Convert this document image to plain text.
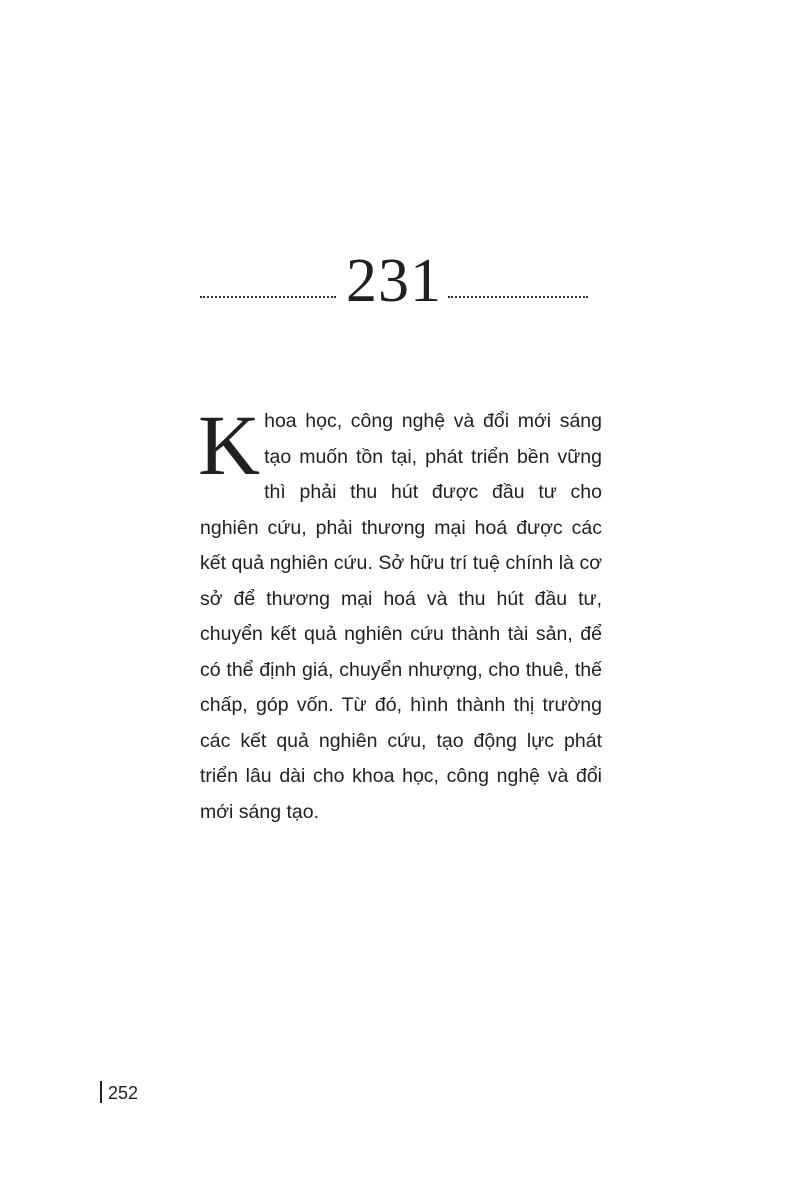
231

Khoa học, công nghệ và đổi mới sáng tạo muốn tồn tại, phát triển bền vững thì phải thu hút được đầu tư cho nghiên cứu, phải thương mại hoá được các kết quả nghiên cứu. Sở hữu trí tuệ chính là cơ sở để thương mại hoá và thu hút đầu tư, chuyển kết quả nghiên cứu thành tài sản, để có thể định giá, chuyển nhượng, cho thuê, thế chấp, góp vốn. Từ đó, hình thành thị trường các kết quả nghiên cứu, tạo động lực phát triển lâu dài cho khoa học, công nghệ và đổi mới sáng tạo.

252
